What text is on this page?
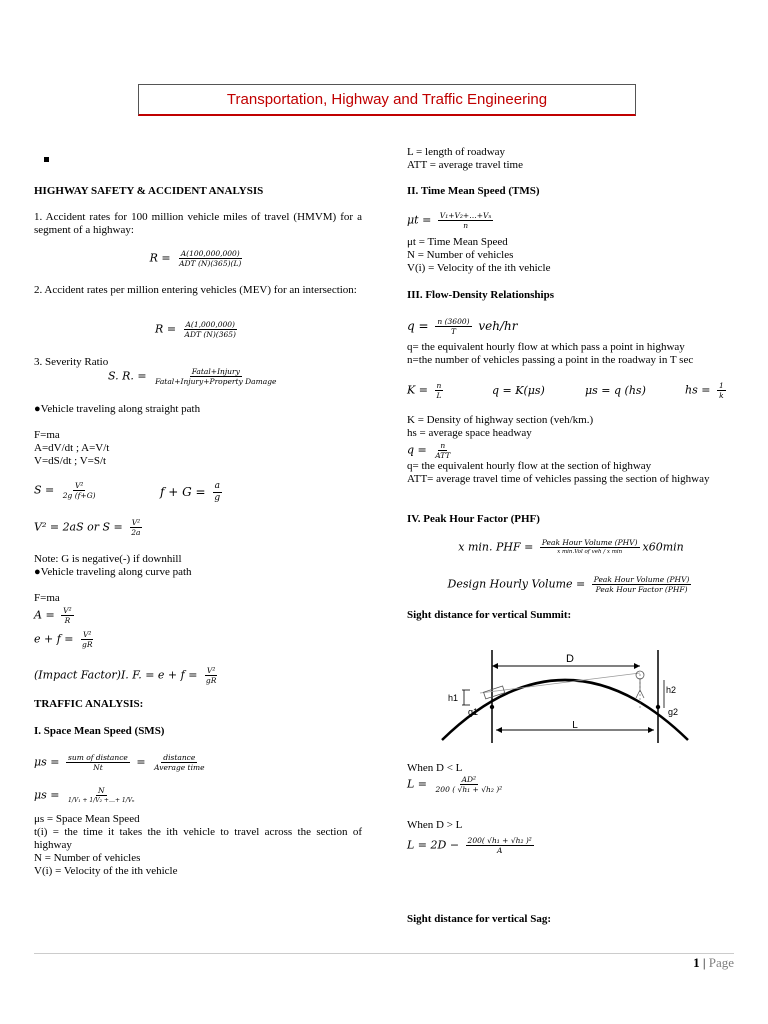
Transportation, Highway and Traffic Engineering
HIGHWAY SAFETY & ACCIDENT ANALYSIS
1. Accident rates for 100 million vehicle miles of travel (HMVM) for a segment of a highway:
$R = \frac{A(100,000,000)}{\text{ADT (N)(365)(L)}}$
2. Accident rates per million entering vehicles (MEV) for an intersection:
$R = \frac{A(1,000,000)}{\text{ADT (N)(365)}}$
3. Severity Ratio
S. R. = $\frac{\text{Fatal+Injury}}{\text{Fatal+Injury+Property Damage}}$
●Vehicle traveling along straight path
F=ma
A=dV/dt ; A=V/t
V=dS/dt ; V=S/t
$S = \frac{\text{V²}}{2g (f+G)}$	$f + G = \frac{a}{g}$
V² = 2aS or $S = \frac{\text{V²}}{2a}$
Note: G is negative(-) if downhill
●Vehicle traveling along curve path
F=ma
$A = \frac{\text{V²}}{R}$
$e + f = \frac{\text{V²}}{gR}$
(Impact Factor)I. F. = $e + f = \frac{\text{V²}}{gR}$
TRAFFIC ANALYSIS:
I. Space Mean Speed (SMS)
$\mu s = \frac{\text{sum of distance}}{Nt} = \frac{\text{distance}}{\text{Average time}}$
$\mu s = \frac{N}{\text{1/V₁ + 1/V₂ +…+ 1/Vₙ}}$
μs = Space Mean Speed
t(i) = the time it takes the ith vehicle to travel across the section of highway
N = Number of vehicles
V(i) = Velocity of the ith vehicle
L = length of roadway
ATT = average travel time
II. Time Mean Speed (TMS)
$\mu t = \frac{\text{V₁+V₂+…+Vₙ}}{n}$
μt = Time Mean Speed
N = Number of vehicles
V(i) = Velocity of the ith vehicle
III. Flow-Density Relationships
$q = \frac{n (3600)}{T} veh/hr$
q= the equivalent hourly flow at which pass a point in highway
n=the number of vehicles passing a point in the roadway in T sec
$K = \frac{n}{L}$	q = K(μs)	μs = q (hs)	hs = $\frac{1}{k}$
K = Density of highway section (veh/km.)
hs = average space headway
$q = \frac{n}{\text{ATT}}$
q= the equivalent hourly flow at the section of highway
ATT= average travel time of vehicles passing the section of highway
IV. Peak Hour Factor (PHF)
x min. PHF = $\frac{\text{Peak Hour Volume (PHV)}}{\text{x min.Vol of veh / x min}} x60\min$
Design Hourly Volume = $\frac{\text{Peak Hour Volume (PHV)}}{\text{Peak Hour Factor (PHF)}}$
Sight distance for vertical Summit:
D
L
h1
h2
g1	g2
When D < L
$L = \frac{\text{AD²}}{\text{200 ( √h₁ + √h₂ )²}}$
When D > L
$L = 2D - \frac{\text{200( √h₁ + √h₂ )²}}{A}$
Sight distance for vertical Sag:
1 | Page
